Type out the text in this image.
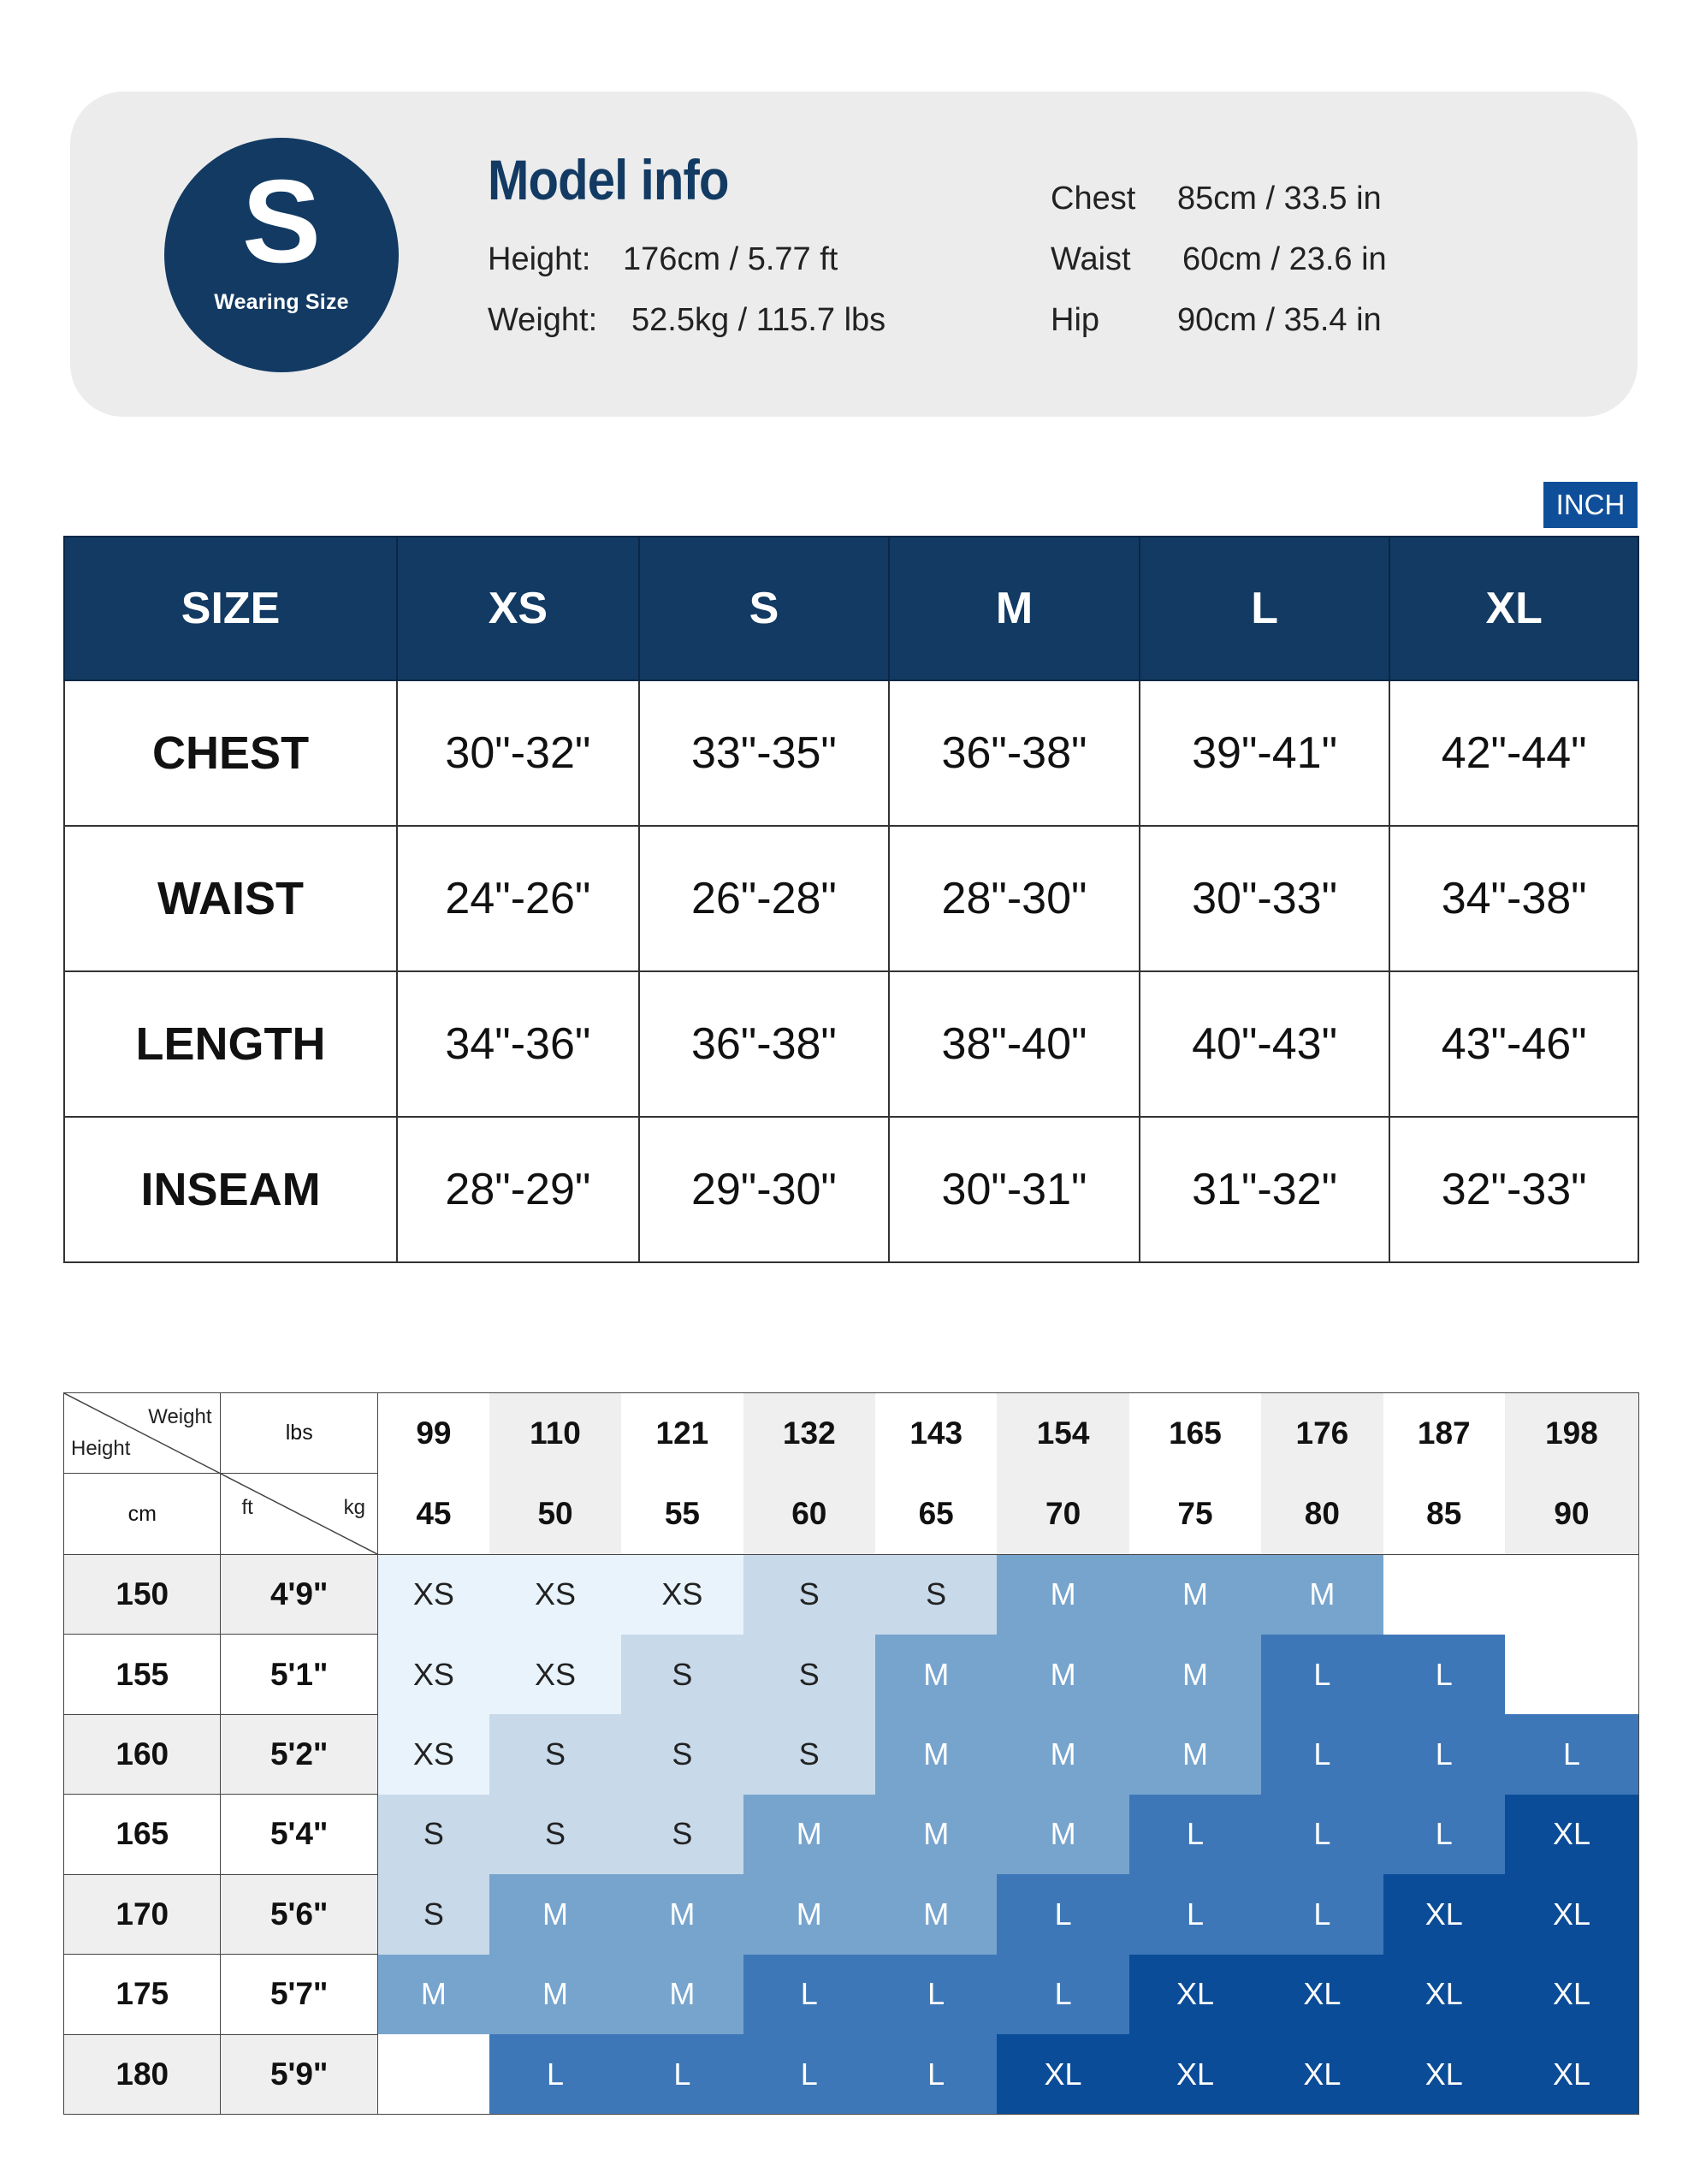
S
Wearing Size
Model info
Height: 176cm / 5.77 ft
Weight: 52.5kg / 115.7 lbs
Chest 85cm / 33.5 in
Waist 60cm / 23.6 in
Hip 90cm / 35.4 in
INCH
SIZE	XS	S	M	L	XL
CHEST	30"-32"	33"-35"	36"-38"	39"-41"	42"-44"
WAIST	24"-26"	26"-28"	28"-30"	30"-33"	34"-38"
LENGTH	34"-36"	36"-38"	38"-40"	40"-43"	43"-46"
INSEAM	28"-29"	29"-30"	30"-31"	31"-32"	32"-33"
Weight
Height	lbs	99	110	121	132	143	154	165	176	187	198
cm	ft kg	45	50	55	60	65	70	75	80	85	90
150	4'9"	XS	XS	XS	S	S	M	M	M		
155	5'1"	XS	XS	S	S	M	M	M	L	L	
160	5'2"	XS	S	S	S	M	M	M	L	L	L
165	5'4"	S	S	S	M	M	M	L	L	L	XL
170	5'6"	S	M	M	M	M	L	L	L	XL	XL
175	5'7"	M	M	M	L	L	L	XL	XL	XL	XL
180	5'9"		L	L	L	L	XL	XL	XL	XL	XL
